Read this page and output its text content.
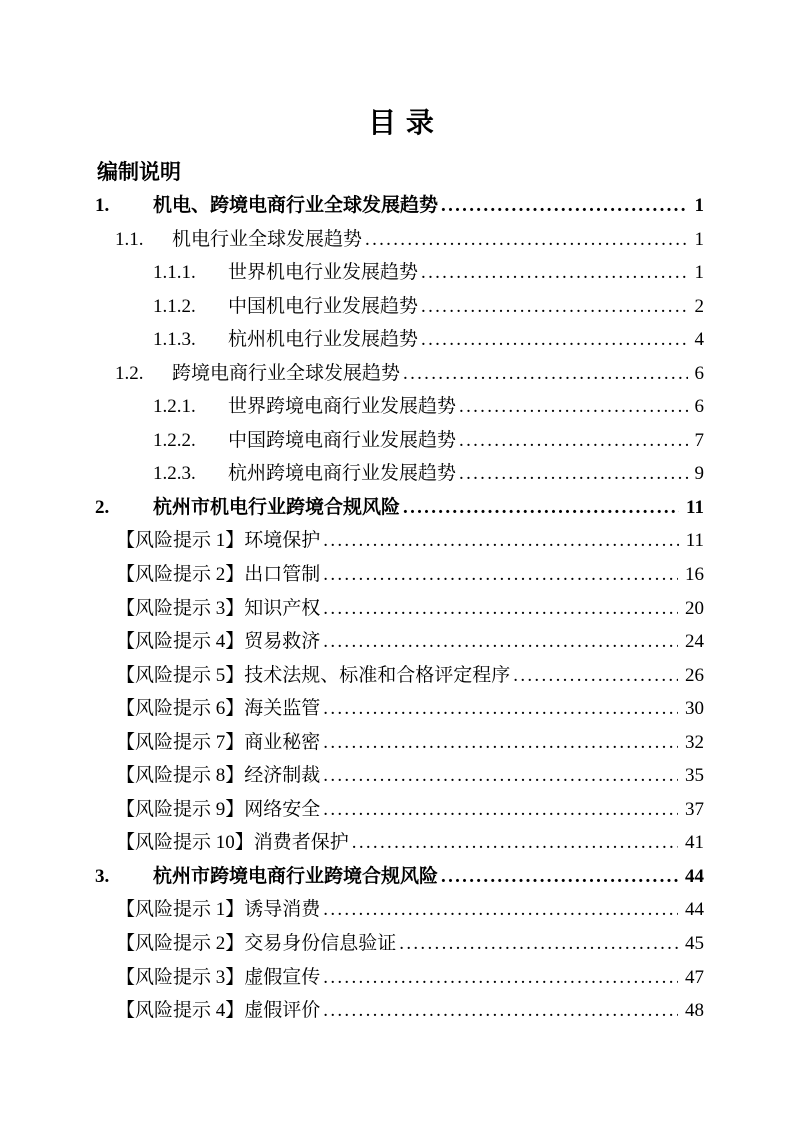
目 录
编制说明
1.	机电、跨境电商行业全球发展趋势 .....	1
1.1.	机电行业全球发展趋势 .....	1
1.1.1.	世界机电行业发展趋势 .....	1
1.1.2.	中国机电行业发展趋势 .....	2
1.1.3.	杭州机电行业发展趋势 .....	4
1.2.	跨境电商行业全球发展趋势 .....	6
1.2.1.	世界跨境电商行业发展趋势 .....	6
1.2.2.	中国跨境电商行业发展趋势 .....	7
1.2.3.	杭州跨境电商行业发展趋势 .....	9
2.	杭州市机电行业跨境合规风险 .....	11
【风险提示 1】环境保护 .....	11
【风险提示 2】出口管制 .....	16
【风险提示 3】知识产权 .....	20
【风险提示 4】贸易救济 .....	24
【风险提示 5】技术法规、标准和合格评定程序 .....	26
【风险提示 6】海关监管 .....	30
【风险提示 7】商业秘密 .....	32
【风险提示 8】经济制裁 .....	35
【风险提示 9】网络安全 .....	37
【风险提示 10】消费者保护 .....	41
3.	杭州市跨境电商行业跨境合规风险 .....	44
【风险提示 1】诱导消费 .....	44
【风险提示 2】交易身份信息验证 .....	45
【风险提示 3】虚假宣传 .....	47
【风险提示 4】虚假评价 .....	48
